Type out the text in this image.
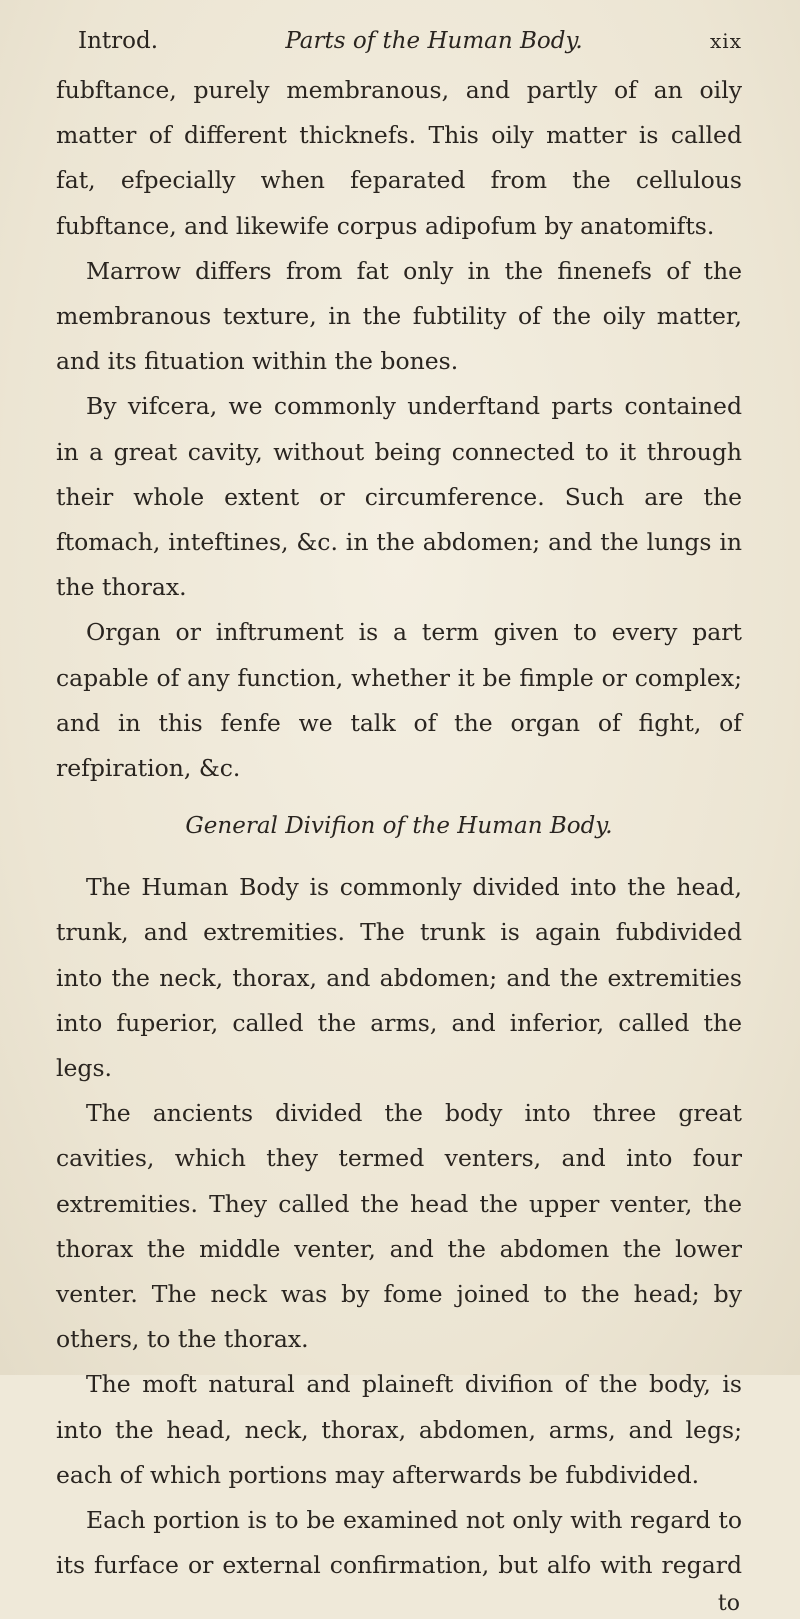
Introd.	Parts of the Human Body.	xix

fubftance, purely membranous, and partly of an oily matter of different thicknefs. This oily matter is called fat, efpecially when feparated from the cellulous fubftance, and likewife corpus adipofum by anatomifts.

Marrow differs from fat only in the finenefs of the membranous texture, in the fubtility of the oily matter, and its fituation within the bones.

By vifcera, we commonly underftand parts contained in a great cavity, without being connected to it through their whole extent or circumference. Such are the ftomach, inteftines, &c. in the abdomen; and the lungs in the thorax.

Organ or inftrument is a term given to every part capable of any function, whether it be fimple or complex; and in this fenfe we talk of the organ of fight, of refpiration, &c.

General Divifion of the Human Body.

The Human Body is commonly divided into the head, trunk, and extremities. The trunk is again fubdivided into the neck, thorax, and abdomen; and the extremities into fuperior, called the arms, and inferior, called the legs.

The ancients divided the body into three great cavities, which they termed venters, and into four extremities. They called the head the upper venter, the thorax the middle venter, and the abdomen the lower venter. The neck was by fome joined to the head; by others, to the thorax.

The moft natural and plaineft divifion of the body, is into the head, neck, thorax, abdomen, arms, and legs; each of which portions may afterwards be fubdivided.

Each portion is to be examined not only with regard to its furface or external confirmation, but alfo with regard

to
